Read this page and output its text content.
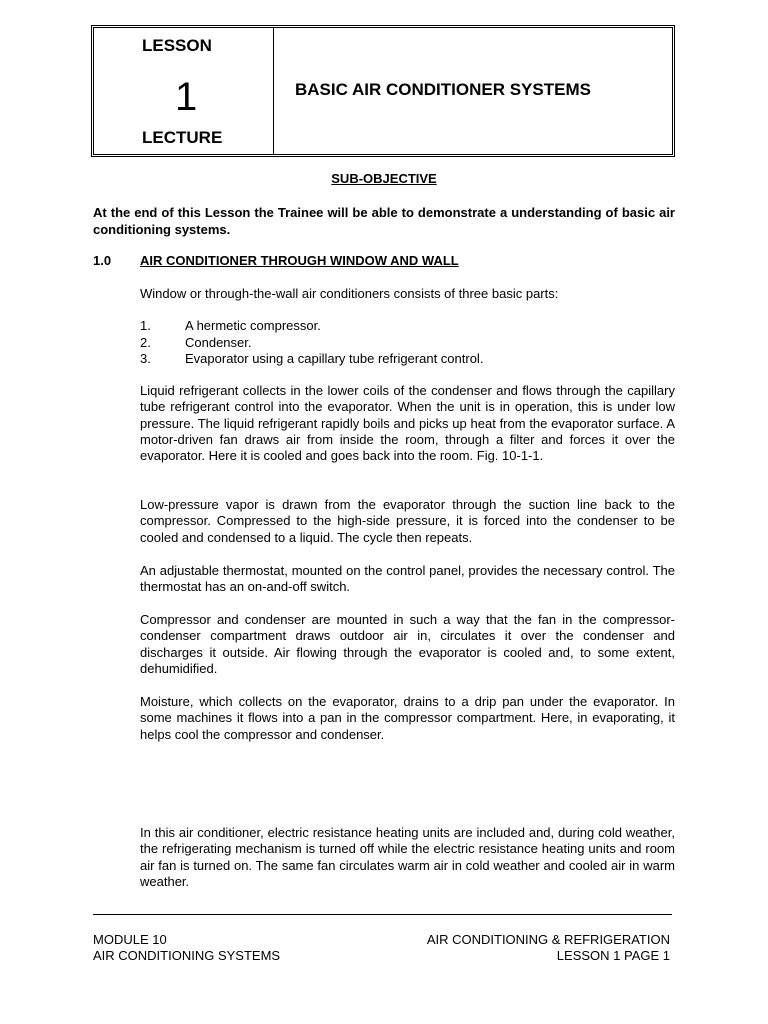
LESSON
1
LECTURE
BASIC AIR CONDITIONER SYSTEMS
SUB-OBJECTIVE
At the end of this Lesson the Trainee will be able to demonstrate a understanding of basic air conditioning systems.
1.0 AIR CONDITIONER THROUGH WINDOW AND WALL

Window or through-the-wall air conditioners consists of three basic parts:

1.	A hermetic compressor.
2.	Condenser.
3.	Evaporator using a capillary tube refrigerant control.

Liquid refrigerant collects in the lower coils of the condenser and flows through the capillary tube refrigerant control into the evaporator. When the unit is in operation, this is under low pressure. The liquid refrigerant rapidly boils and picks up heat from the evaporator surface. A motor-driven fan draws air from inside the room, through a filter and forces it over the evaporator. Here it is cooled and goes back into the room. Fig. 10-1-1.

Low-pressure vapor is drawn from the evaporator through the suction line back to the compressor. Compressed to the high-side pressure, it is forced into the condenser to be cooled and condensed to a liquid. The cycle then repeats.

An adjustable thermostat, mounted on the control panel, provides the necessary control. The thermostat has an on-and-off switch.

Compressor and condenser are mounted in such a way that the fan in the compressor-condenser compartment draws outdoor air in, circulates it over the condenser and discharges it outside. Air flowing through the evaporator is cooled and, to some extent, dehumidified.

Moisture, which collects on the evaporator, drains to a drip pan under the evaporator. In some machines it flows into a pan in the compressor compartment. Here, in evaporating, it helps cool the compressor and condenser.

In this air conditioner, electric resistance heating units are included and, during cold weather, the refrigerating mechanism is turned off while the electric resistance heating units and room air fan is turned on. The same fan circulates warm air in cold weather and cooled air in warm weather.

MODULE 10
AIR CONDITIONING SYSTEMS
AIR CONDITIONING & REFRIGERATION
LESSON 1 PAGE 1
